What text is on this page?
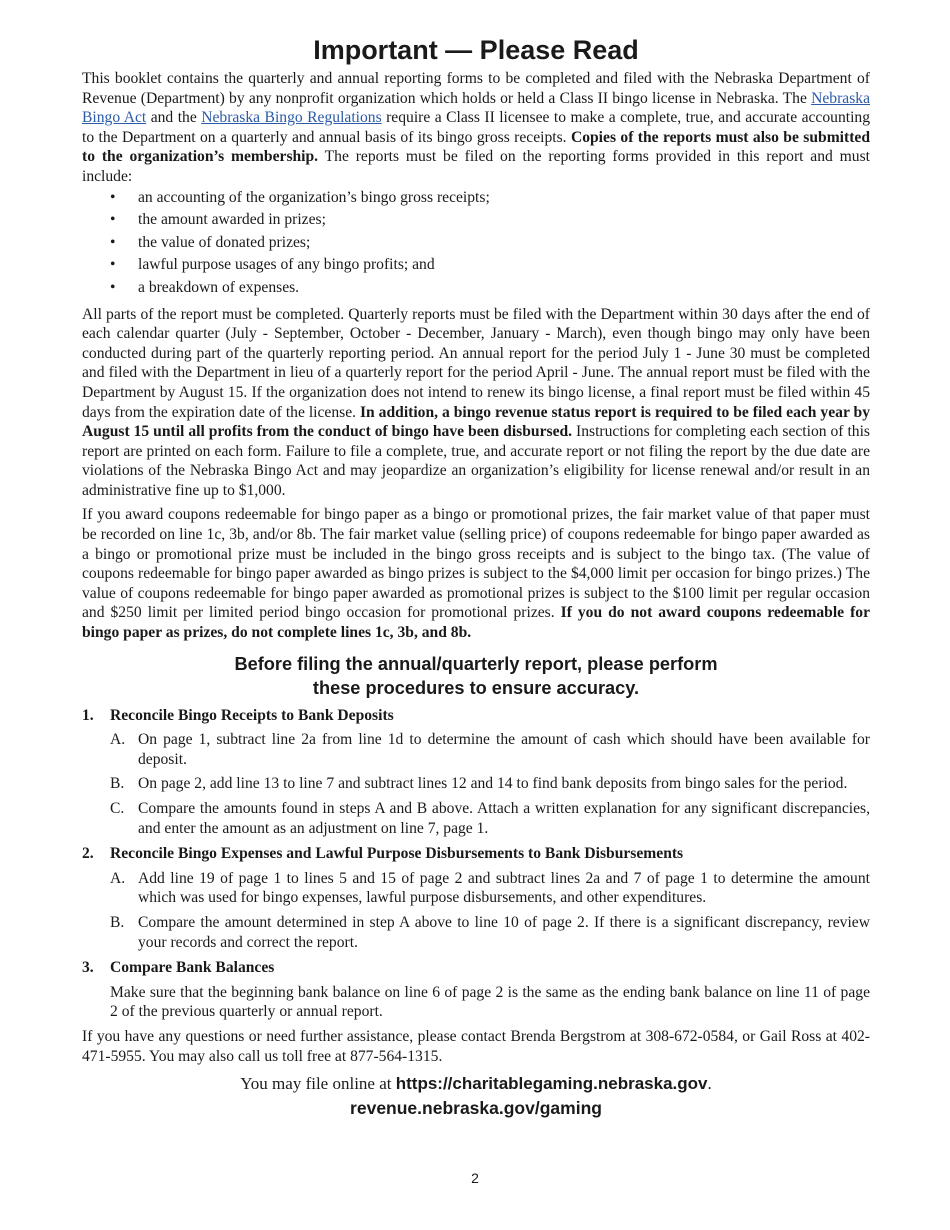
Important — Please Read

This booklet contains the quarterly and annual reporting forms to be completed and filed with the Nebraska Department of Revenue (Department) by any nonprofit organization which holds or held a Class II bingo license in Nebraska. The Nebraska Bingo Act and the Nebraska Bingo Regulations require a Class II licensee to make a complete, true, and accurate accounting to the Department on a quarterly and annual basis of its bingo gross receipts. Copies of the reports must also be submitted to the organization’s membership. The reports must be filed on the reporting forms provided in this report and must include:

• an accounting of the organization’s bingo gross receipts;
• the amount awarded in prizes;
• the value of donated prizes;
• lawful purpose usages of any bingo profits; and
• a breakdown of expenses.

All parts of the report must be completed. Quarterly reports must be filed with the Department within 30 days after the end of each calendar quarter (July - September, October - December, January - March), even though bingo may only have been conducted during part of the quarterly reporting period. An annual report for the period July 1 - June 30 must be completed and filed with the Department in lieu of a quarterly report for the period April - June. The annual report must be filed with the Department by August 15. If the organization does not intend to renew its bingo license, a final report must be filed within 45 days from the expiration date of the license. In addition, a bingo revenue status report is required to be filed each year by August 15 until all profits from the conduct of bingo have been disbursed. Instructions for completing each section of this report are printed on each form. Failure to file a complete, true, and accurate report or not filing the report by the due date are violations of the Nebraska Bingo Act and may jeopardize an organization’s eligibility for license renewal and/or result in an administrative fine up to $1,000.

If you award coupons redeemable for bingo paper as a bingo or promotional prizes, the fair market value of that paper must be recorded on line 1c, 3b, and/or 8b. The fair market value (selling price) of coupons redeemable for bingo paper awarded as a bingo or promotional prize must be included in the bingo gross receipts and is subject to the bingo tax. (The value of coupons redeemable for bingo paper awarded as bingo prizes is subject to the $4,000 limit per occasion for bingo prizes.) The value of coupons redeemable for bingo paper awarded as promotional prizes is subject to the $100 limit per regular occasion and $250 limit per limited period bingo occasion for promotional prizes. If you do not award coupons redeemable for bingo paper as prizes, do not complete lines 1c, 3b, and 8b.

Before filing the annual/quarterly report, please perform
these procedures to ensure accuracy.
1. Reconcile Bingo Receipts to Bank Deposits

A. On page 1, subtract line 2a from line 1d to determine the amount of cash which should have been available for deposit.

B. On page 2, add line 13 to line 7 and subtract lines 12 and 14 to find bank deposits from bingo sales for the period.

C. Compare the amounts found in steps A and B above. Attach a written explanation for any significant discrepancies, and enter the amount as an adjustment on line 7, page 1.

2. Reconcile Bingo Expenses and Lawful Purpose Disbursements to Bank Disbursements

A. Add line 19 of page 1 to lines 5 and 15 of page 2 and subtract lines 2a and 7 of page 1 to determine the amount which was used for bingo expenses, lawful purpose disbursements, and other expenditures.

B. Compare the amount determined in step A above to line 10 of page 2. If there is a significant discrepancy, review your records and correct the report.

3. Compare Bank Balances

Make sure that the beginning bank balance on line 6 of page 2 is the same as the ending bank balance on line 11 of page 2 of the previous quarterly or annual report.

If you have any questions or need further assistance, please contact Brenda Bergstrom at 308-672-0584, or Gail Ross at 402-471-5955. You may also call us toll free at 877-564-1315.

You may file online at https://charitablegaming.nebraska.gov.

revenue.nebraska.gov/gaming

2
